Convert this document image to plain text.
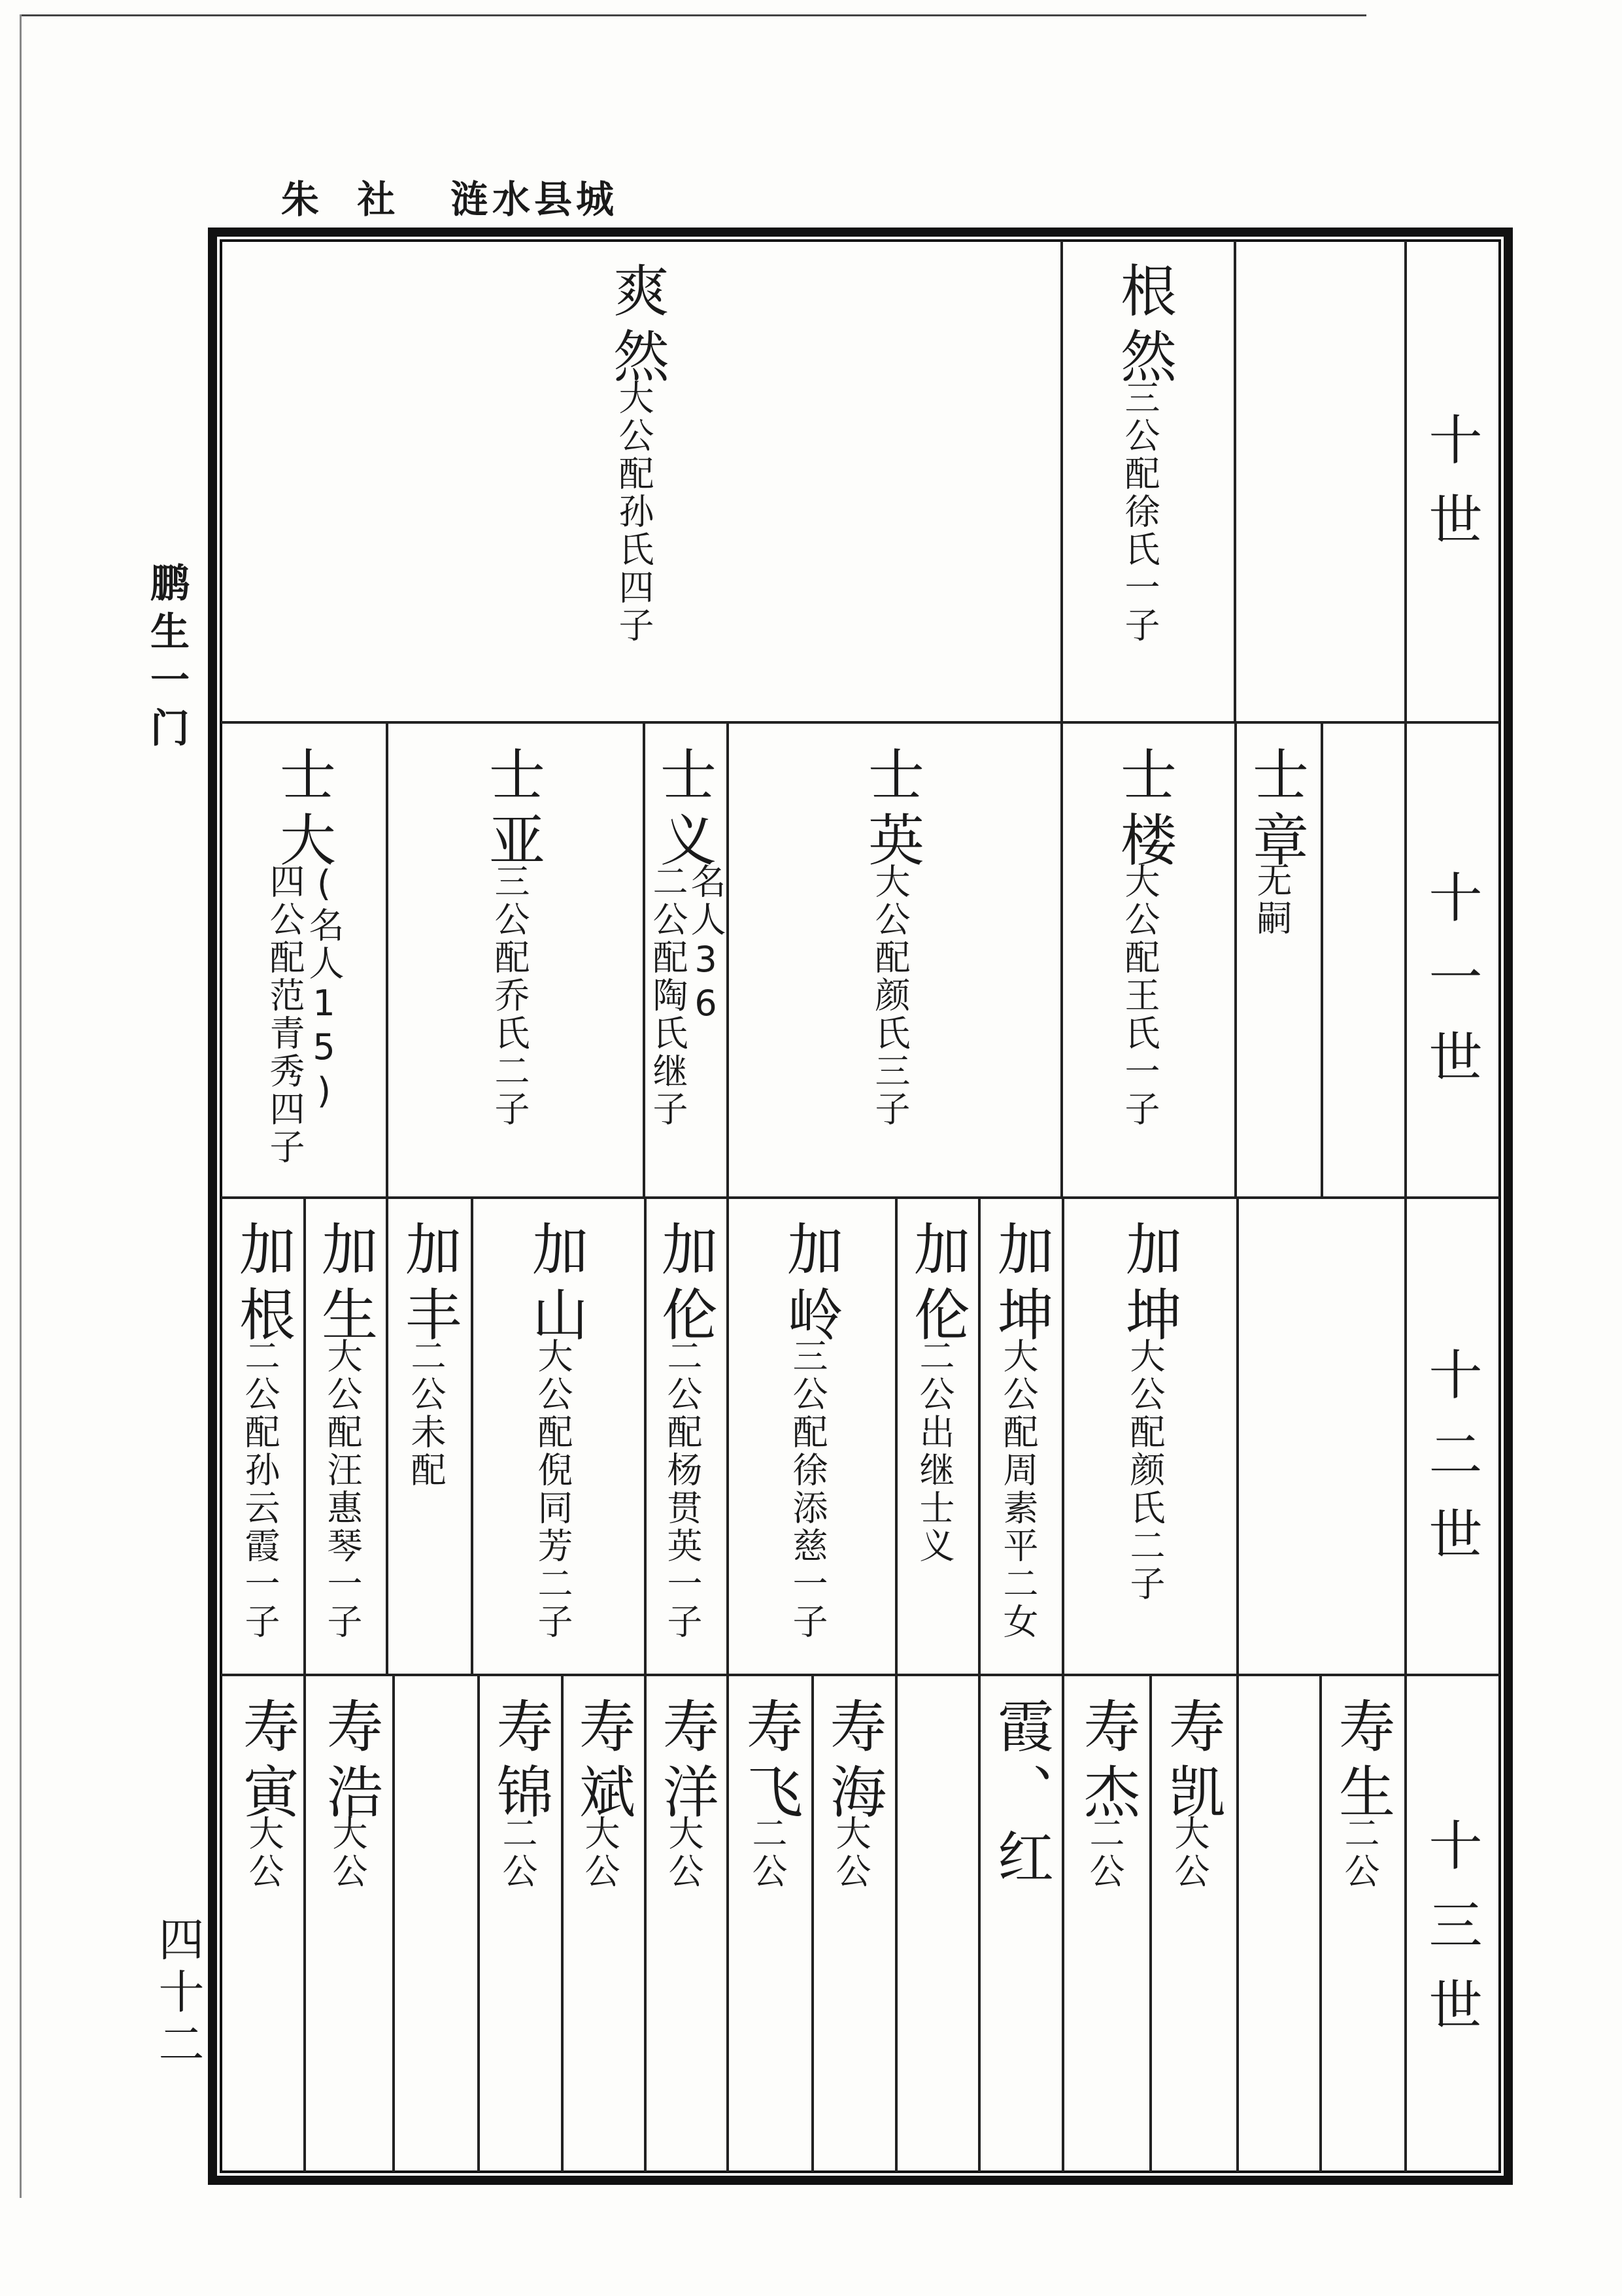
朱  社   涟水县城
鹏生一门
四十二
十世
十一世
十二世
十三世
根然
三公配徐氏一子
爽然
大公配孙氏四子
士章
无嗣
士楼
大公配王氏一子
士英
大公配颜氏三子
士义
名人36
二公配陶氏继子
士亚
三公配乔氏二子
士大
(名人15)
四公配范青秀四子
加坤
大公配颜氏二子
加坤
大公配周素平二女
加伦
二公出继士义
加岭
三公配徐添慈一子
加伦
二公配杨贯英一子
加山
大公配倪同芳二子
加丰
二公未配
加生
大公配汪惠琴一子
加根
二公配孙云霞一子
寿生
二公
寿凯
大公
寿杰
二公
霞、红
寿海
大公
寿飞
二公
寿洋
大公
寿斌
大公
寿锦
二公
寿浩
大公
寿寅
大公
